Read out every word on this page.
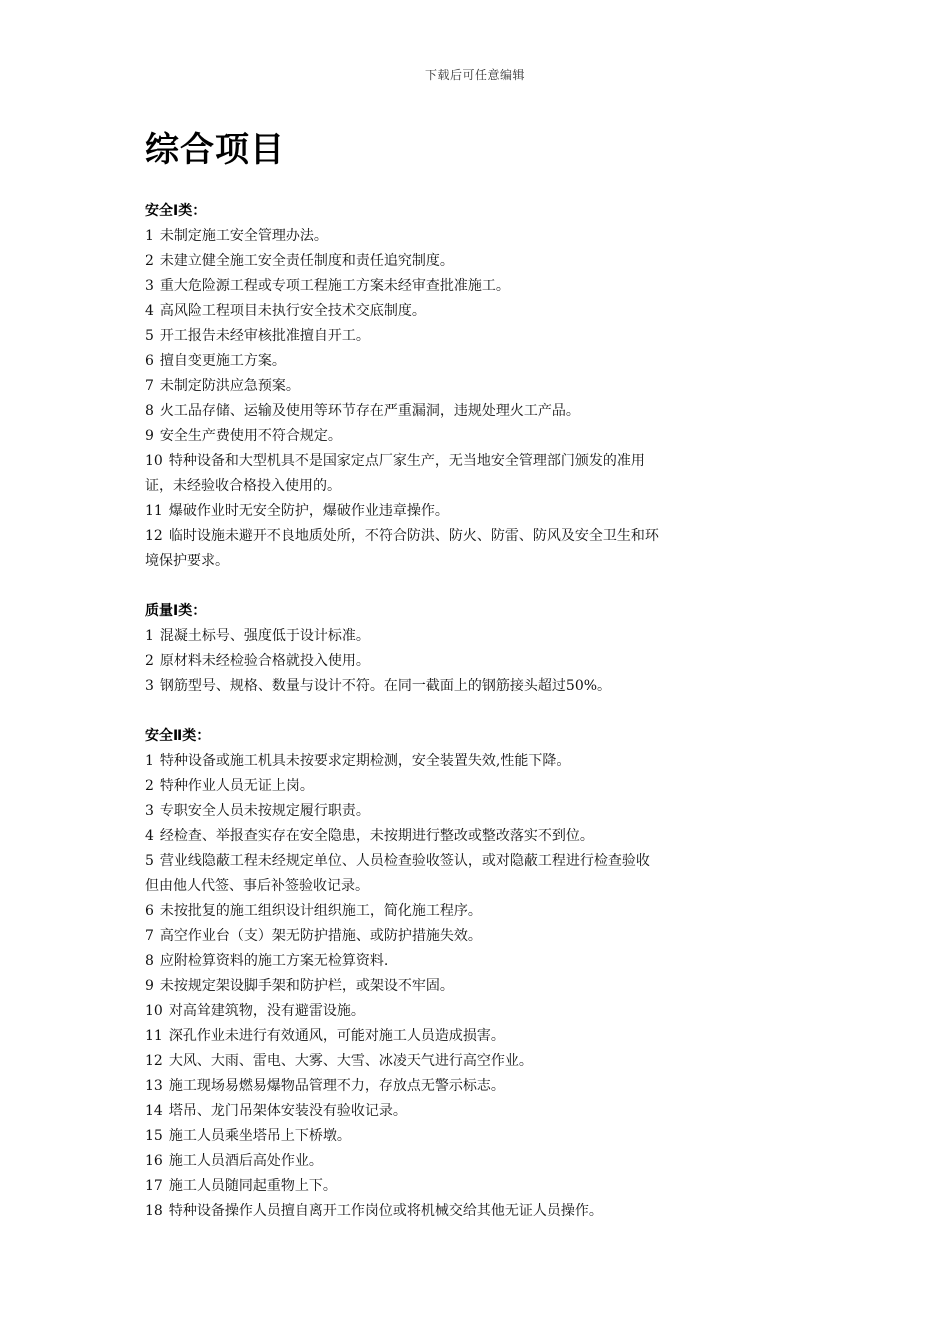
下载后可任意编辑
综合项目
安全Ⅰ类：
1 未制定施工安全管理办法。
2 未建立健全施工安全责任制度和责任追究制度。
3 重大危险源工程或专项工程施工方案未经审查批准施工。
4 高风险工程项目未执行安全技术交底制度。
5 开工报告未经审核批准擅自开工。
6 擅自变更施工方案。
7 未制定防洪应急预案。
8 火工品存储、运输及使用等环节存在严重漏洞，违规处理火工产品。
9 安全生产费使用不符合规定。
10 特种设备和大型机具不是国家定点厂家生产，无当地安全管理部门颁发的准用
证，未经验收合格投入使用的。
11 爆破作业时无安全防护，爆破作业违章操作。
12 临时设施未避开不良地质处所，不符合防洪、防火、防雷、防风及安全卫生和环
境保护要求。
质量Ⅰ类：
1 混凝土标号、强度低于设计标准。
2 原材料未经检验合格就投入使用。
3 钢筋型号、规格、数量与设计不符。在同一截面上的钢筋接头超过50%。
安全Ⅱ类：
1 特种设备或施工机具未按要求定期检测，安全装置失效,性能下降。
2 特种作业人员无证上岗。
3 专职安全人员未按规定履行职责。
4 经检查、举报查实存在安全隐患，未按期进行整改或整改落实不到位。
5 营业线隐蔽工程未经规定单位、人员检查验收签认，或对隐蔽工程进行检查验收
但由他人代签、事后补签验收记录。
6 未按批复的施工组织设计组织施工，简化施工程序。
7 高空作业台（支）架无防护措施、或防护措施失效。
8 应附检算资料的施工方案无检算资料.
9 未按规定架设脚手架和防护栏，或架设不牢固。
10 对高耸建筑物，没有避雷设施。
11 深孔作业未进行有效通风，可能对施工人员造成损害。
12 大风、大雨、雷电、大雾、大雪、冰凌天气进行高空作业。
13 施工现场易燃易爆物品管理不力，存放点无警示标志。
14 塔吊、龙门吊架体安装没有验收记录。
15 施工人员乘坐塔吊上下桥墩。
16 施工人员酒后高处作业。
17 施工人员随同起重物上下。
18 特种设备操作人员擅自离开工作岗位或将机械交给其他无证人员操作。
